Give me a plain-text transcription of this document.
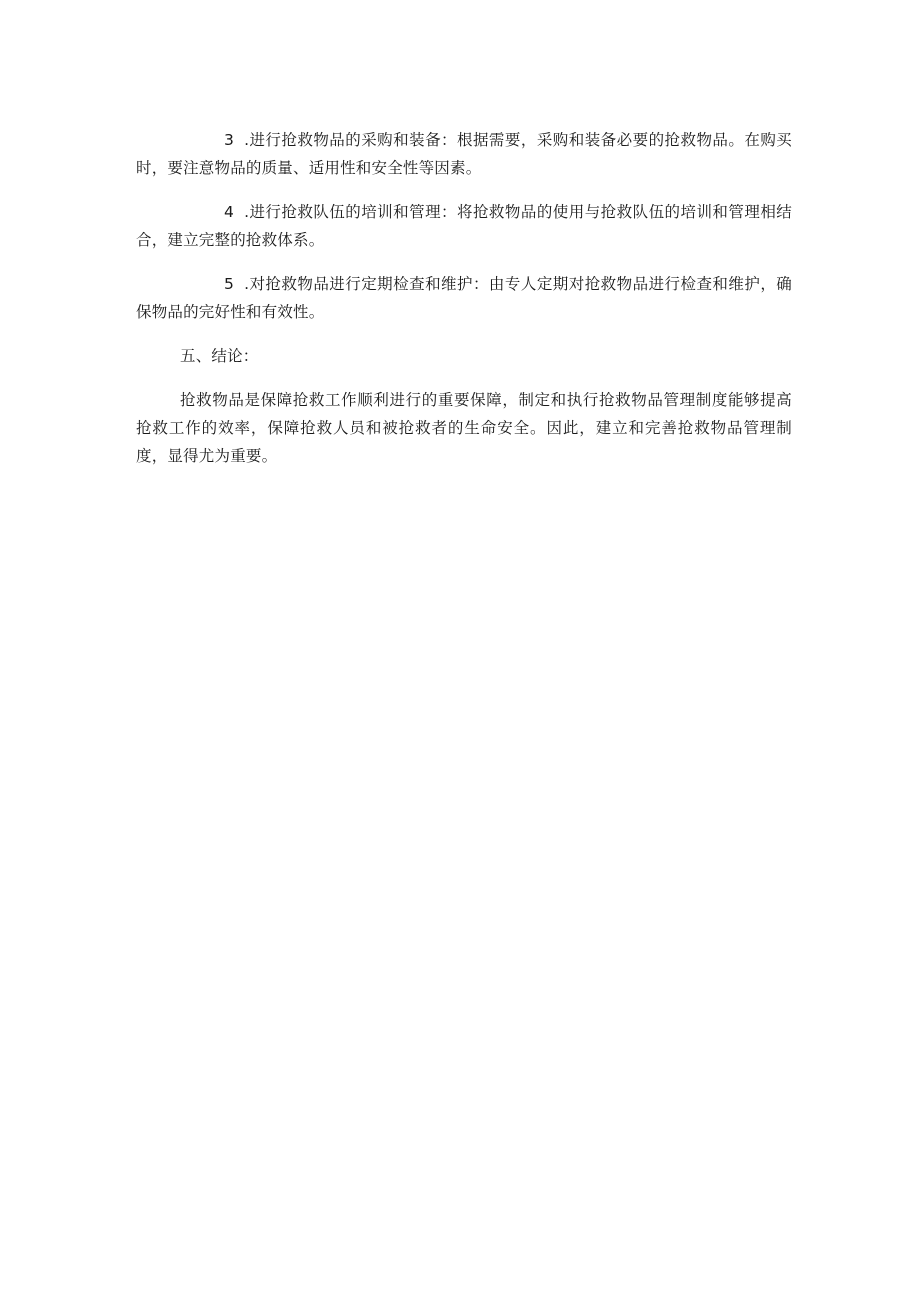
3 .进行抢救物品的采购和装备：根据需要，采购和装备必要的抢救物品。在购买时，要注意物品的质量、适用性和安全性等因素。

4 .进行抢救队伍的培训和管理：将抢救物品的使用与抢救队伍的培训和管理相结合，建立完整的抢救体系。

5 .对抢救物品进行定期检查和维护：由专人定期对抢救物品进行检查和维护，确保物品的完好性和有效性。

五、结论：

抢救物品是保障抢救工作顺利进行的重要保障，制定和执行抢救物品管理制度能够提高抢救工作的效率，保障抢救人员和被抢救者的生命安全。因此，建立和完善抢救物品管理制度，显得尤为重要。
